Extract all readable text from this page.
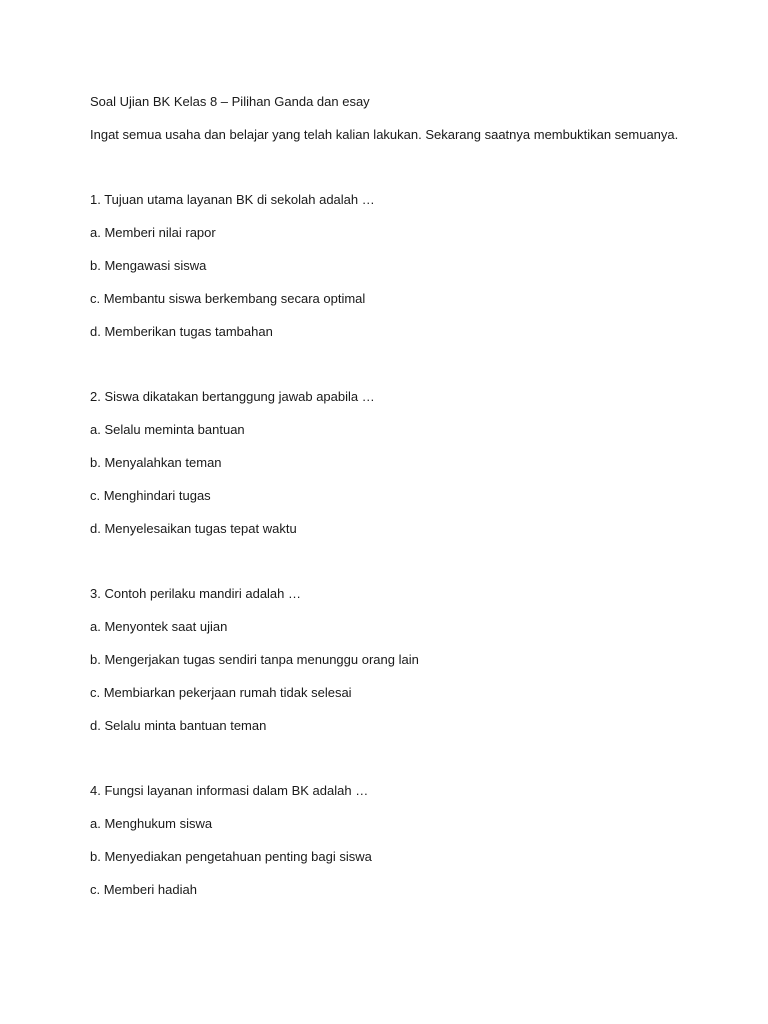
Soal Ujian BK Kelas 8 – Pilihan Ganda dan esay
Ingat semua usaha dan belajar yang telah kalian lakukan. Sekarang saatnya membuktikan semuanya.
1. Tujuan utama layanan BK di sekolah adalah …
a. Memberi nilai rapor
b. Mengawasi siswa
c. Membantu siswa berkembang secara optimal
d. Memberikan tugas tambahan
2. Siswa dikatakan bertanggung jawab apabila …
a. Selalu meminta bantuan
b. Menyalahkan teman
c. Menghindari tugas
d. Menyelesaikan tugas tepat waktu
3. Contoh perilaku mandiri adalah …
a. Menyontek saat ujian
b. Mengerjakan tugas sendiri tanpa menunggu orang lain
c. Membiarkan pekerjaan rumah tidak selesai
d. Selalu minta bantuan teman
4. Fungsi layanan informasi dalam BK adalah …
a. Menghukum siswa
b. Menyediakan pengetahuan penting bagi siswa
c. Memberi hadiah
